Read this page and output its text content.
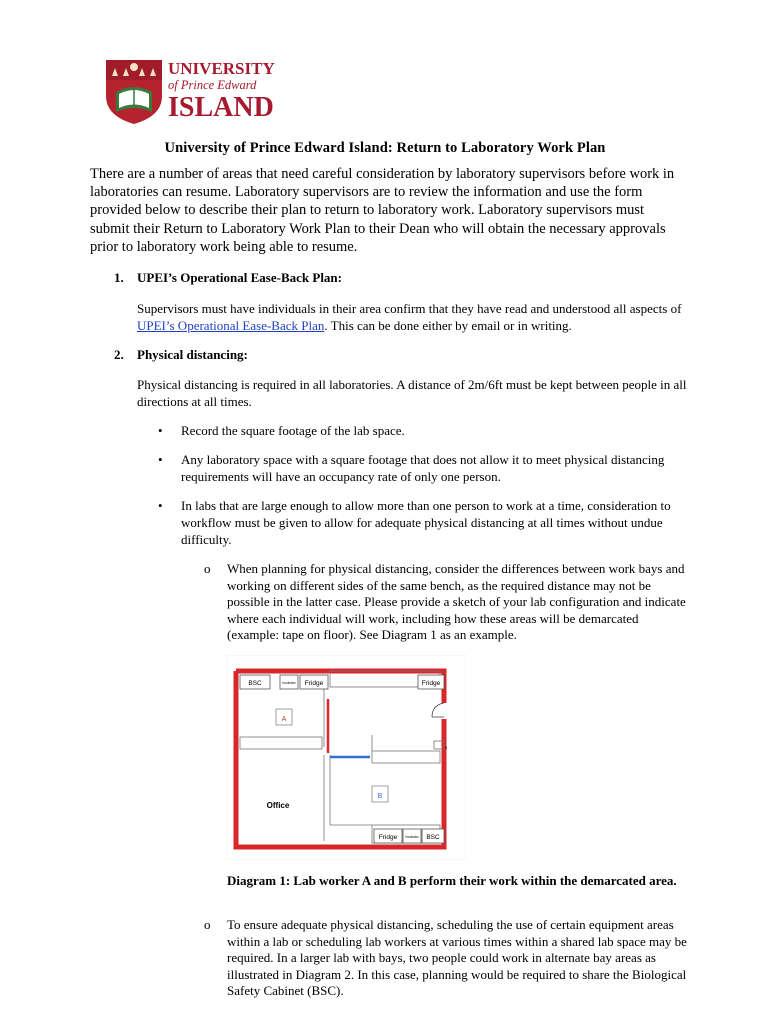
UNIVERSITY
of Prince Edward
ISLAND
University of Prince Edward Island: Return to Laboratory Work Plan
There are a number of areas that need careful consideration by laboratory supervisors before work in laboratories can resume. Laboratory supervisors are to review the information and use the form provided below to describe their plan to return to laboratory work. Laboratory supervisors must submit their Return to Laboratory Work Plan to their Dean who will obtain the necessary approvals prior to laboratory work being able to resume.
1. UPEI’s Operational Ease-Back Plan:
Supervisors must have individuals in their area confirm that they have read and understood all aspects of UPEI’s Operational Ease-Back Plan. This can be done either by email or in writing.
2. Physical distancing:
Physical distancing is required in all laboratories. A distance of 2m/6ft must be kept between people in all directions at all times.
• Record the square footage of the lab space.
• Any laboratory space with a square footage that does not allow it to meet physical distancing requirements will have an occupancy rate of only one person.
• In labs that are large enough to allow more than one person to work at a time, consideration to workflow must be given to allow for adequate physical distancing at all times without undue difficulty.
o When planning for physical distancing, consider the differences between work bays and working on different sides of the same bench, as the required distance may not be possible in the latter case. Please provide a sketch of your lab configuration and indicate where each individual will work, including how these areas will be demarcated (example: tape on floor). See Diagram 1 as an example.
BSC	Incubator Fridge	Fridge
A
S
B
Office
Fridge	Incubator BSC
Diagram 1: Lab worker A and B perform their work within the demarcated area.
o To ensure adequate physical distancing, scheduling the use of certain equipment areas within a lab or scheduling lab workers at various times within a shared lab space may be required. In a larger lab with bays, two people could work in alternate bay areas as illustrated in Diagram 2. In this case, planning would be required to share the Biological Safety Cabinet (BSC).
